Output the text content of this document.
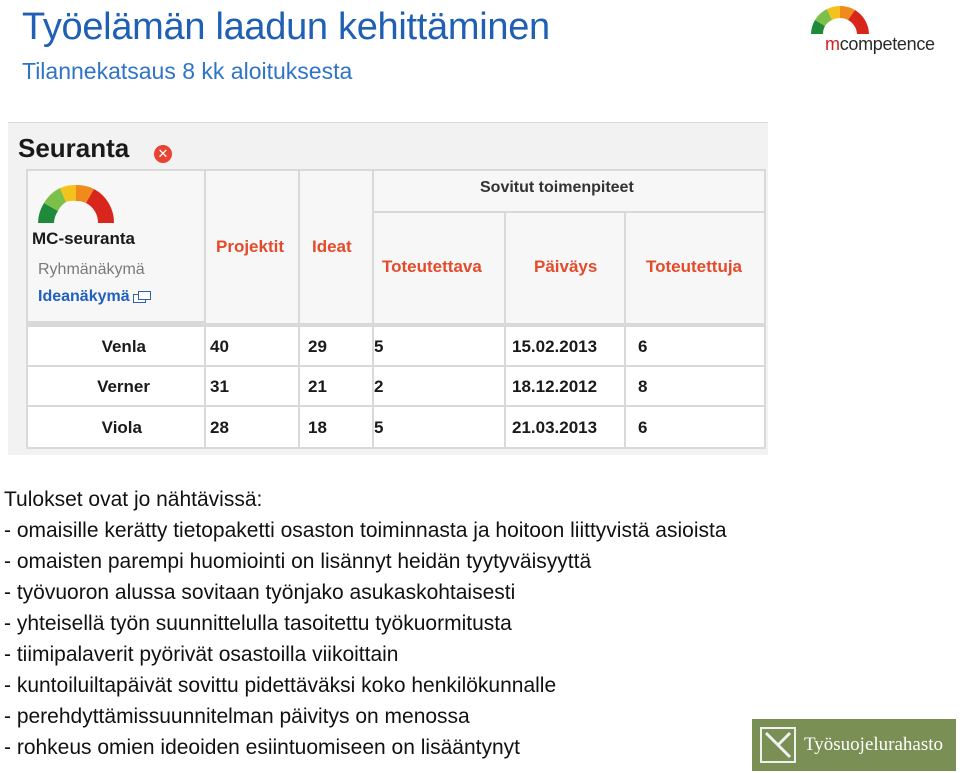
Työelämän laadun kehittäminen
Tilannekatsaus 8 kk aloituksesta
mcompetence
Seuranta ✕
Sovitut toimenpiteet
Projektit Ideat
Toteutettava	Päiväys	Toteutettuja
Venla	40	29	5	15.02.2013 6
Verner	31	21	2	18.12.2012 8
Viola	28	18	5	21.03.2013 6
MC-seuranta
Ryhmänäkymä
Ideanäkymä
Tulokset ovat jo nähtävissä:
- omaisille kerätty tietopaketti osaston toiminnasta ja hoitoon liittyvistä asioista
- omaisten parempi huomiointi on lisännyt heidän tyytyväisyyttä
- työvuoron alussa sovitaan työnjako asukaskohtaisesti
- yhteisellä työn suunnittelulla tasoitettu työkuormitusta
- tiimipalaverit pyörivät osastoilla viikoittain
- kuntoiluiltapäivät sovittu pidettäväksi koko henkilökunnalle
- perehdyttämissuunnitelman päivitys on menossa
- rohkeus omien ideoiden esiintuomiseen on lisääntynyt	Työsuojelurahasto
